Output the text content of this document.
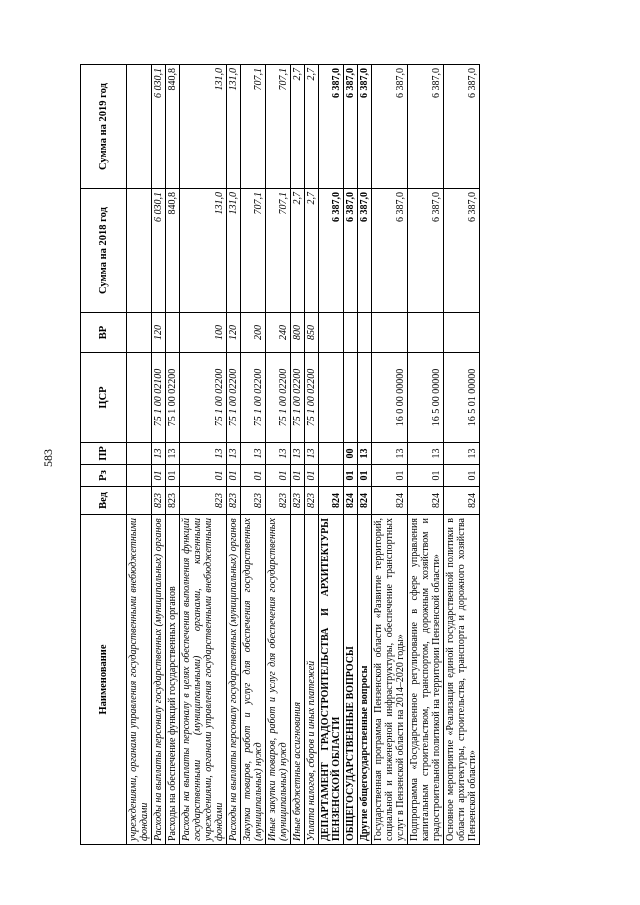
583
Наименование	Вед	Рз	ПР	ЦСР	ВР	Сумма на 2018 год	Сумма на 2019 год
учреждениями, органами управления государственными внебюджетными фондами							
Расходы на выплаты персоналу государственных (муниципальных) органов	823	01	13	75 1 00 02100	120	6 030,1	6 030,1
Расходы на обеспечение функций государственных органов	823	01	13	75 1 00 02200		840,8	840,8
Расходы на выплаты персоналу в целях обеспечения выполнения функций государственными (муниципальными) органами, казенными учреждениями, органами управления государственными внебюджетными фондами	823	01	13	75 1 00 02200	100	131,0	131,0
Расходы на выплаты персоналу государственных (муниципальных) органов	823	01	13	75 1 00 02200	120	131,0	131,0
Закупка товаров, работ и услуг для обеспечения государственных (муниципальных) нужд	823	01	13	75 1 00 02200	200	707,1	707,1
Иные закупки товаров, работ и услуг для обеспечения государственных (муниципальных) нужд	823	01	13	75 1 00 02200	240	707,1	707,1
Иные бюджетные ассигнования	823	01	13	75 1 00 02200	800	2,7	2,7
Уплата налогов, сборов и иных платежей	823	01	13	75 1 00 02200	850	2,7	2,7
ДЕПАРТАМЕНТ ГРАДОСТРОИТЕЛЬСТВА И АРХИТЕКТУРЫ ПЕНЗЕНСКОЙ ОБЛАСТИ	824					6 387,0	6 387,0
ОБЩЕГОСУДАРСТВЕННЫЕ ВОПРОСЫ	824	01	00			6 387,0	6 387,0
Другие общегосударственные вопросы	824	01	13			6 387,0	6 387,0
Государственная программа Пензенской области «Развитие территорий, социальной и инженерной инфраструктуры, обеспечение транспортных услуг в Пензенской области на 2014–2020 годы»	824	01	13	16 0 00 00000		6 387,0	6 387,0
Подпрограмма «Государственное регулирование в сфере управления капитальным строительством, транспортом, дорожным хозяйством и градостроительной политикой на территории Пензенской области»	824	01	13	16 5 00 00000		6 387,0	6 387,0
Основное мероприятие «Реализация единой государственной политики в области архитектуры, строительства, транспорта и дорожного хозяйства Пензенской области»	824	01	13	16 5 01 00000		6 387,0	6 387,0
